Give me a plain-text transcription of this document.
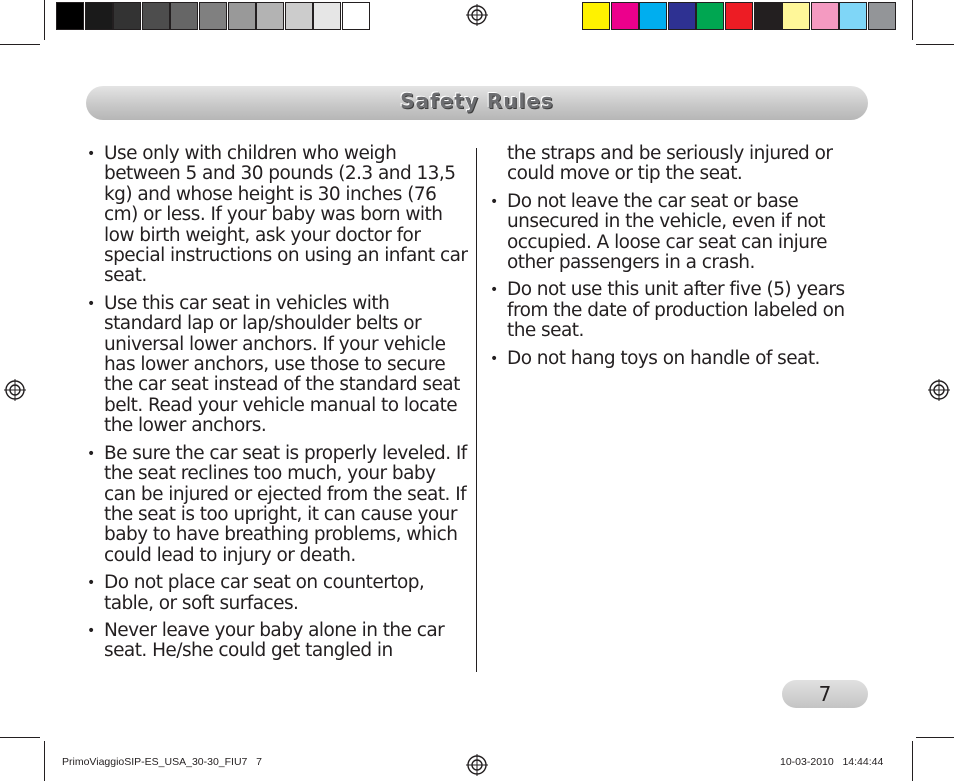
Safety Rules
• Use only with children who weigh between 5 and 30 pounds (2.3 and 13,5 kg) and whose height is 30 inches (76 cm) or less. If your baby was born with low birth weight, ask your doctor for special instructions on using an infant car seat.
• Use this car seat in vehicles with standard lap or lap/shoulder belts or universal lower anchors. If your vehicle has lower anchors, use those to secure the car seat instead of the standard seat belt. Read your vehicle manual to locate the lower anchors.
• Be sure the car seat is properly leveled. If the seat reclines too much, your baby can be injured or ejected from the seat. If the seat is too upright, it can cause your baby to have breathing problems, which could lead to injury or death.
• Do not place car seat on countertop, table, or soft surfaces.
• Never leave your baby alone in the car seat. He/she could get tangled in

the straps and be seriously injured or could move or tip the seat.

• Do not leave the car seat or base unsecured in the vehicle, even if not occupied. A loose car seat can injure other passengers in a crash.
• Do not use this unit after five (5) years from the date of production labeled on the seat.
• Do not hang toys on handle of seat.
7
PrimoViaggioSIP-ES_USA_30-30_FIU7   7	10-03-2010   14:44:44
